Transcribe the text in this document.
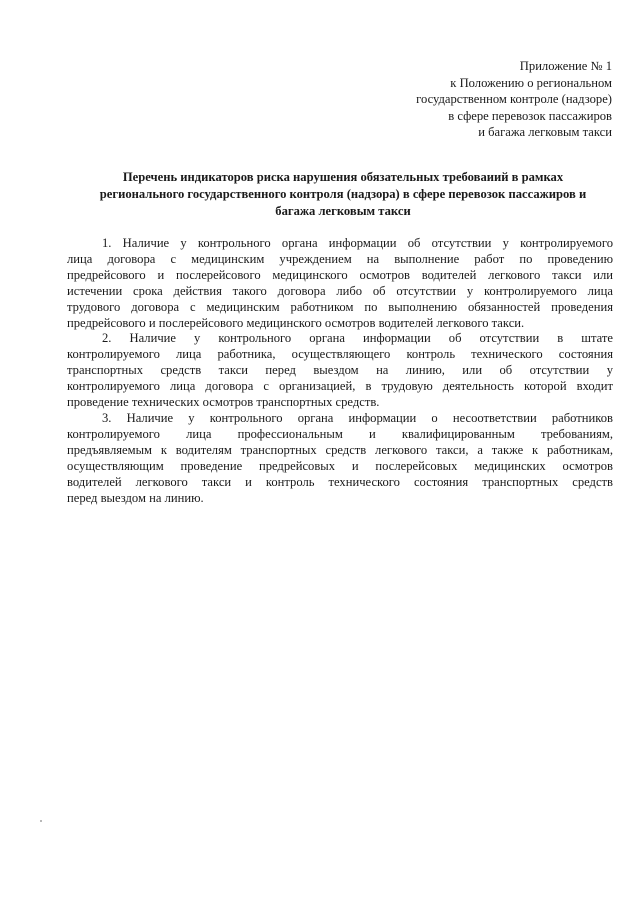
Приложение № 1
к Положению о региональном
государственном контроле (надзоре)
в сфере перевозок пассажиров
и багажа легковым такси
Перечень индикаторов риска нарушения обязательных требоваиий в рамках
регионального государственного контроля (надзора) в сфере перевозок пассажиров и
багажа легковым такси
1. Наличие у контрольного органа информации об отсутствии у контролируемого
лица договора с медицинским учреждением на выполнение работ по проведению
предрейсового и послерейсового медицинского осмотров водителей легкового такси или
истечении срока действия такого договора либо об отсутствии у контролируемого лица
трудового договора с медицинским работником по выполнению обязанностей проведения
предрейсового и послерейсового медицинского осмотров водителей легкового такси.
2. Наличие у контрольного органа информации об отсутствии в штате
контролируемого лица работника, осуществляющего контроль технического состояния
транспортных средств такси перед выездом на линию, или об отсутствии у
контролируемого лица договора с организацией, в трудовую деятельность которой входит
проведение технических осмотров транспортных средств.
3. Наличие у контрольного органа информации о несоответствии работников
контролируемого лица профессиональным и квалифицированным требованиям,
предъявляемым к водителям транспортных средств легкового такси, а также к работникам,
осуществляющим проведение предрейсовых и послерейсовых медицинских осмотров
водителей легкового такси и контроль технического состояния транспортных средств
перед выездом на линию.
